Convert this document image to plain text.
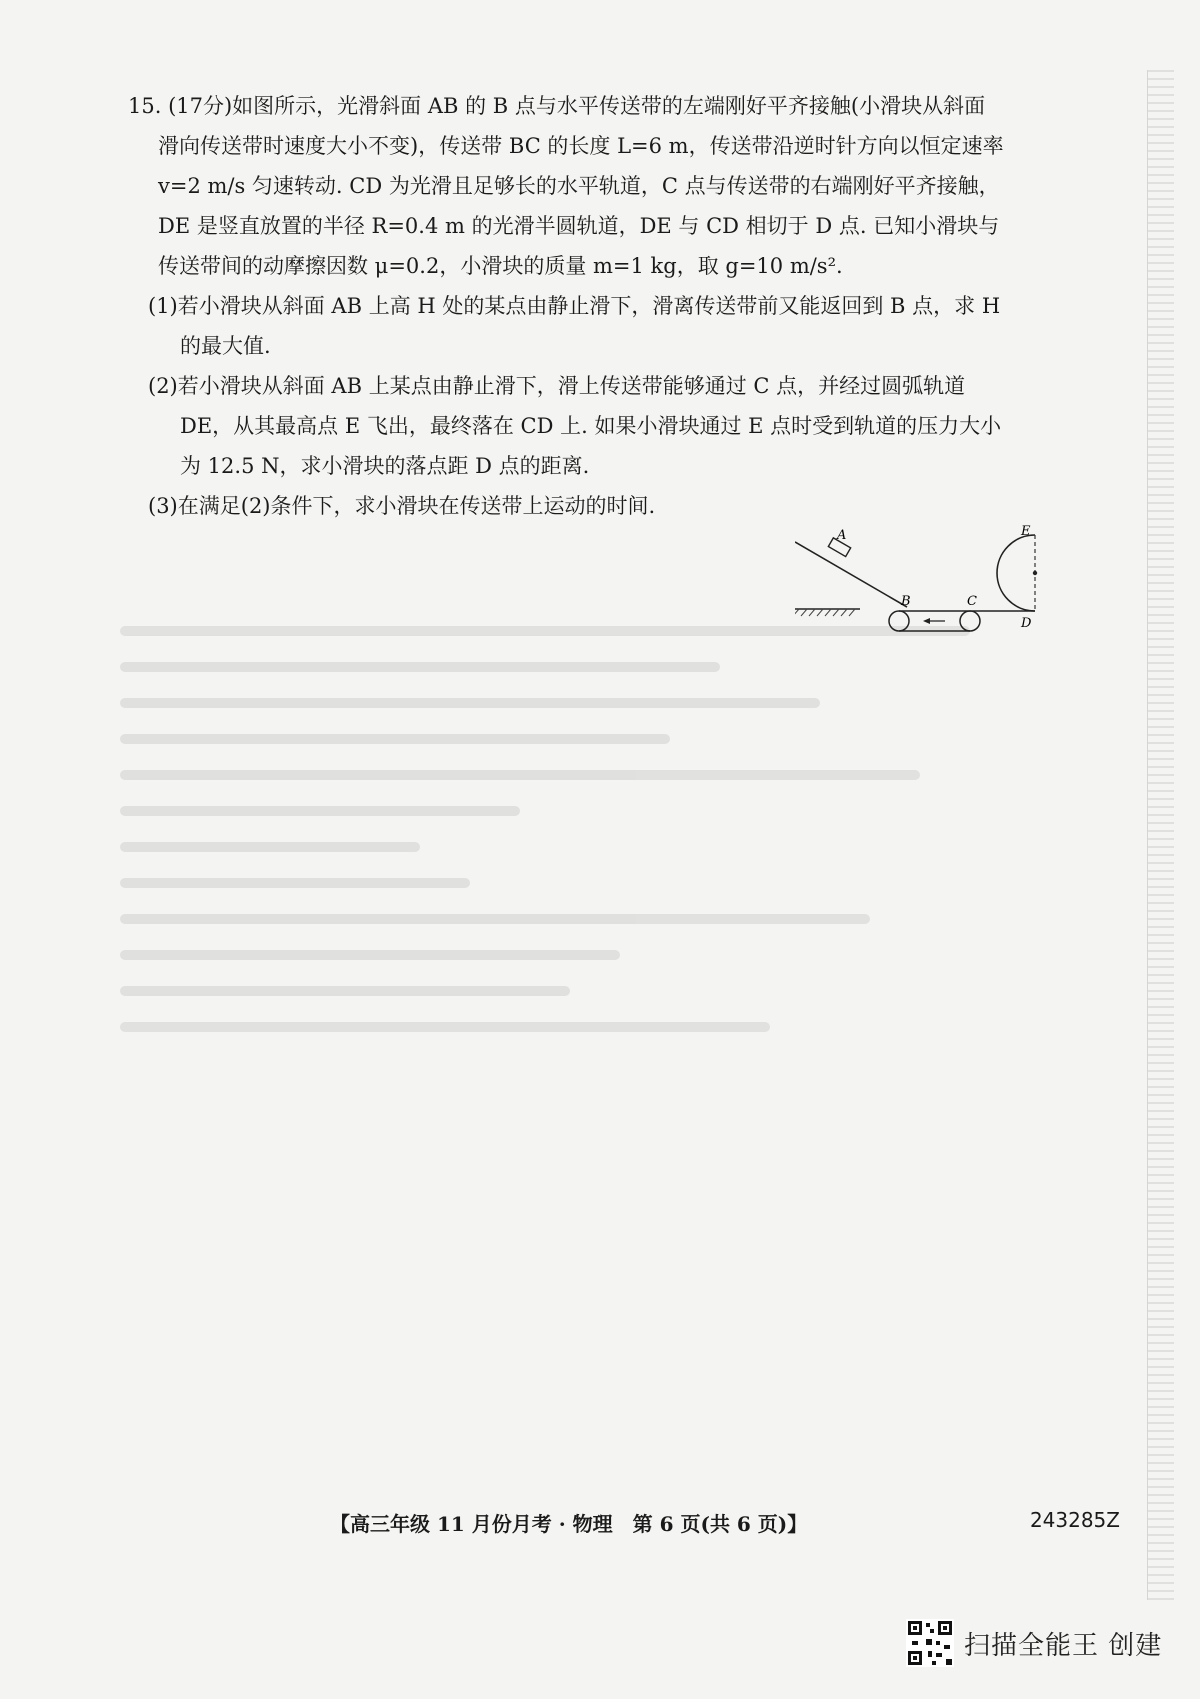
15. (17分)如图所示，光滑斜面 AB 的 B 点与水平传送带的左端刚好平齐接触(小滑块从斜面
滑向传送带时速度大小不变)，传送带 BC 的长度 L=6 m，传送带沿逆时针方向以恒定速率
v=2 m/s 匀速转动. CD 为光滑且足够长的水平轨道，C 点与传送带的右端刚好平齐接触，
DE 是竖直放置的半径 R=0.4 m 的光滑半圆轨道，DE 与 CD 相切于 D 点. 已知小滑块与
传送带间的动摩擦因数 μ=0.2，小滑块的质量 m=1 kg，取 g=10 m/s².
(1)若小滑块从斜面 AB 上高 H 处的某点由静止滑下，滑离传送带前又能返回到 B 点，求 H
的最大值.
(2)若小滑块从斜面 AB 上某点由静止滑下，滑上传送带能够通过 C 点，并经过圆弧轨道
DE，从其最高点 E 飞出，最终落在 CD 上. 如果小滑块通过 E 点时受到轨道的压力大小
为 12.5 N，求小滑块的落点距 D 点的距离.
(3)在满足(2)条件下，求小滑块在传送带上运动的时间.
A
B	C
D
E
【高三年级 11 月份月考 · 物理　第 6 页(共 6 页)】	243285Z
扫描全能王 创建
